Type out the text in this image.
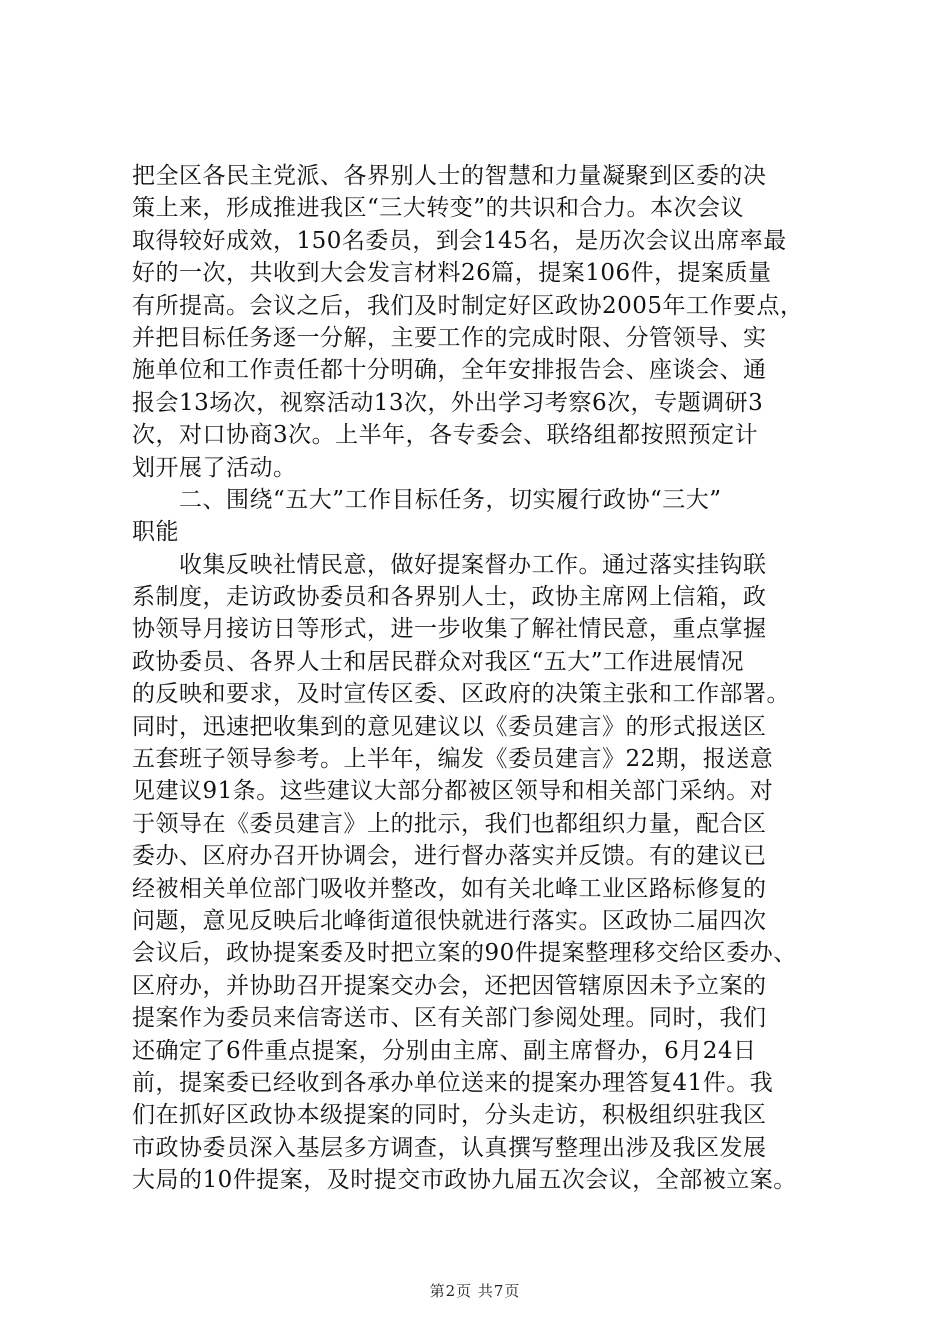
把全区各民主党派、各界别人士的智慧和力量凝聚到区委的决
策上来，形成推进我区“三大转变”的共识和合力。本次会议
取得较好成效，150名委员，到会145名，是历次会议出席率最
好的一次，共收到大会发言材料26篇，提案106件，提案质量
有所提高。会议之后，我们及时制定好区政协2005年工作要点，
并把目标任务逐一分解，主要工作的完成时限、分管领导、实
施单位和工作责任都十分明确，全年安排报告会、座谈会、通
报会13场次，视察活动13次，外出学习考察6次，专题调研3
次，对口协商3次。上半年，各专委会、联络组都按照预定计
划开展了活动。
　　二、围绕“五大”工作目标任务，切实履行政协“三大”
职能
　　收集反映社情民意，做好提案督办工作。通过落实挂钩联
系制度，走访政协委员和各界别人士，政协主席网上信箱，政
协领导月接访日等形式，进一步收集了解社情民意，重点掌握
政协委员、各界人士和居民群众对我区“五大”工作进展情况
的反映和要求，及时宣传区委、区政府的决策主张和工作部署。
同时，迅速把收集到的意见建议以《委员建言》的形式报送区
五套班子领导参考。上半年，编发《委员建言》22期，报送意
见建议91条。这些建议大部分都被区领导和相关部门采纳。对
于领导在《委员建言》上的批示，我们也都组织力量，配合区
委办、区府办召开协调会，进行督办落实并反馈。有的建议已
经被相关单位部门吸收并整改，如有关北峰工业区路标修复的
问题，意见反映后北峰街道很快就进行落实。区政协二届四次
会议后，政协提案委及时把立案的90件提案整理移交给区委办、
区府办，并协助召开提案交办会，还把因管辖原因未予立案的
提案作为委员来信寄送市、区有关部门参阅处理。同时，我们
还确定了6件重点提案，分别由主席、副主席督办，6月24日
前，提案委已经收到各承办单位送来的提案办理答复41件。我
们在抓好区政协本级提案的同时，分头走访，积极组织驻我区
市政协委员深入基层多方调查，认真撰写整理出涉及我区发展
大局的10件提案，及时提交市政协九届五次会议，全部被立案。
第2页 共7页
